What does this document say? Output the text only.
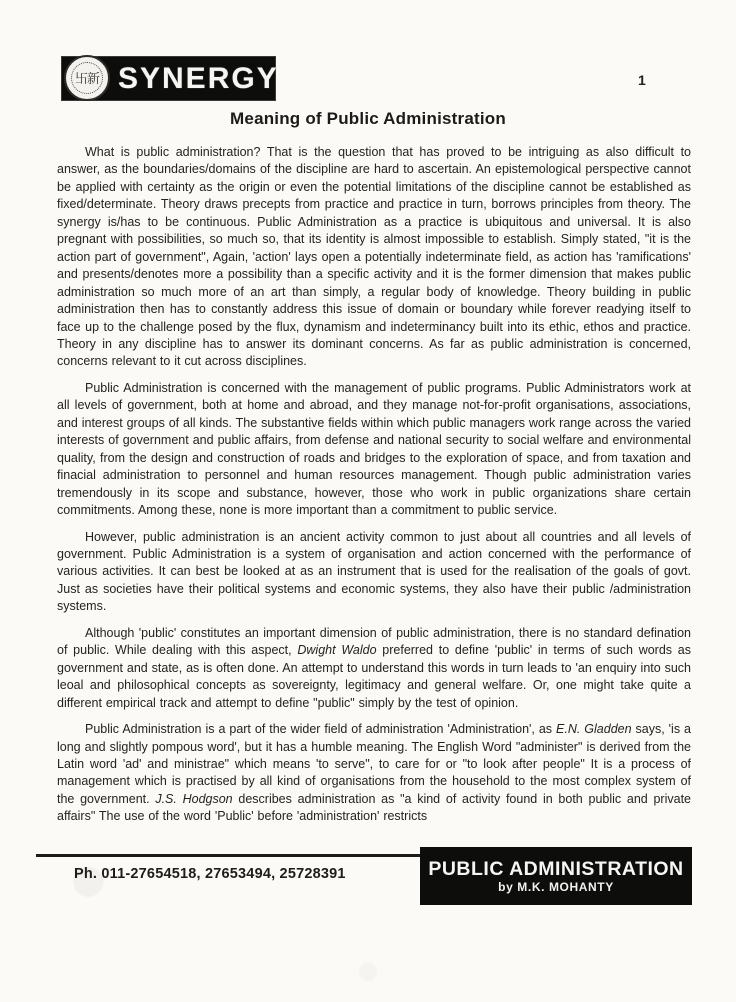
卐新
SYNERGY	1
Meaning of Public Administration

What is public administration? That is the question that has proved to be intriguing as also difficult to answer, as the boundaries/domains of the discipline are hard to ascertain. An epistemological perspective cannot be applied with certainty as the origin or even the potential limitations of the discipline cannot be established as fixed/determinate. Theory draws precepts from practice and practice in turn, borrows principles from theory. The synergy is/has to be continuous. Public Administration as a practice is ubiquitous and universal. It is also pregnant with possibilities, so much so, that its identity is almost impossible to establish. Simply stated, "it is the action part of government", Again, 'action' lays open a potentially indeterminate field, as action has 'ramifications' and presents/denotes more a possibility than a specific activity and it is the former dimension that makes public administration so much more of an art than simply, a regular body of knowledge. Theory building in public administration then has to constantly address this issue of domain or boundary while forever readying itself to face up to the challenge posed by the flux, dynamism and indeterminancy built into its ethic, ethos and practice. Theory in any discipline has to answer its dominant concerns. As far as public administration is concerned, concerns relevant to it cut across disciplines.

Public Administration is concerned with the management of public programs. Public Administrators work at all levels of government, both at home and abroad, and they manage not-for-profit organisations, associations, and interest groups of all kinds. The substantive fields within which public managers work range across the varied interests of government and public affairs, from defense and national security to social welfare and environmental quality, from the design and construction of roads and bridges to the exploration of space, and from taxation and finacial administration to personnel and human resources management. Though public administration varies tremendously in its scope and substance, however, those who work in public organizations share certain commitments. Among these, none is more important than a commitment to public service.

However, public administration is an ancient activity common to just about all countries and all levels of government. Public Administration is a system of organisation and action concerned with the performance of various activities. It can best be looked at as an instrument that is used for the realisation of the goals of govt. Just as societies have their political systems and economic systems, they also have their public /administration systems.

Although 'public' constitutes an important dimension of public administration, there is no standard defination of public. While dealing with this aspect, Dwight Waldo preferred to define 'public' in terms of such words as government and state, as is often done. An attempt to understand this words in turn leads to 'an enquiry into such leoal and philosophical concepts as sovereignty, legitimacy and general welfare. Or, one might take quite a different empirical track and attempt to define "public" simply by the test of opinion.

Public Administration is a part of the wider field of administration 'Administration', as E.N. Gladden says, 'is a long and slightly pompous word', but it has a humble meaning. The English Word "administer" is derived from the Latin word 'ad' and ministrae" which means 'to serve", to care for or "to look after people" It is a process of management which is practised by all kind of organisations from the household to the most complex system of the government. J.S. Hodgson describes administration as "a kind of activity found in both public and private affairs" The use of the word 'Public' before 'administration' restricts

Ph. 011-27654518, 27653494, 25728391	PUBLIC ADMINISTRATION
by M.K. MOHANTY
